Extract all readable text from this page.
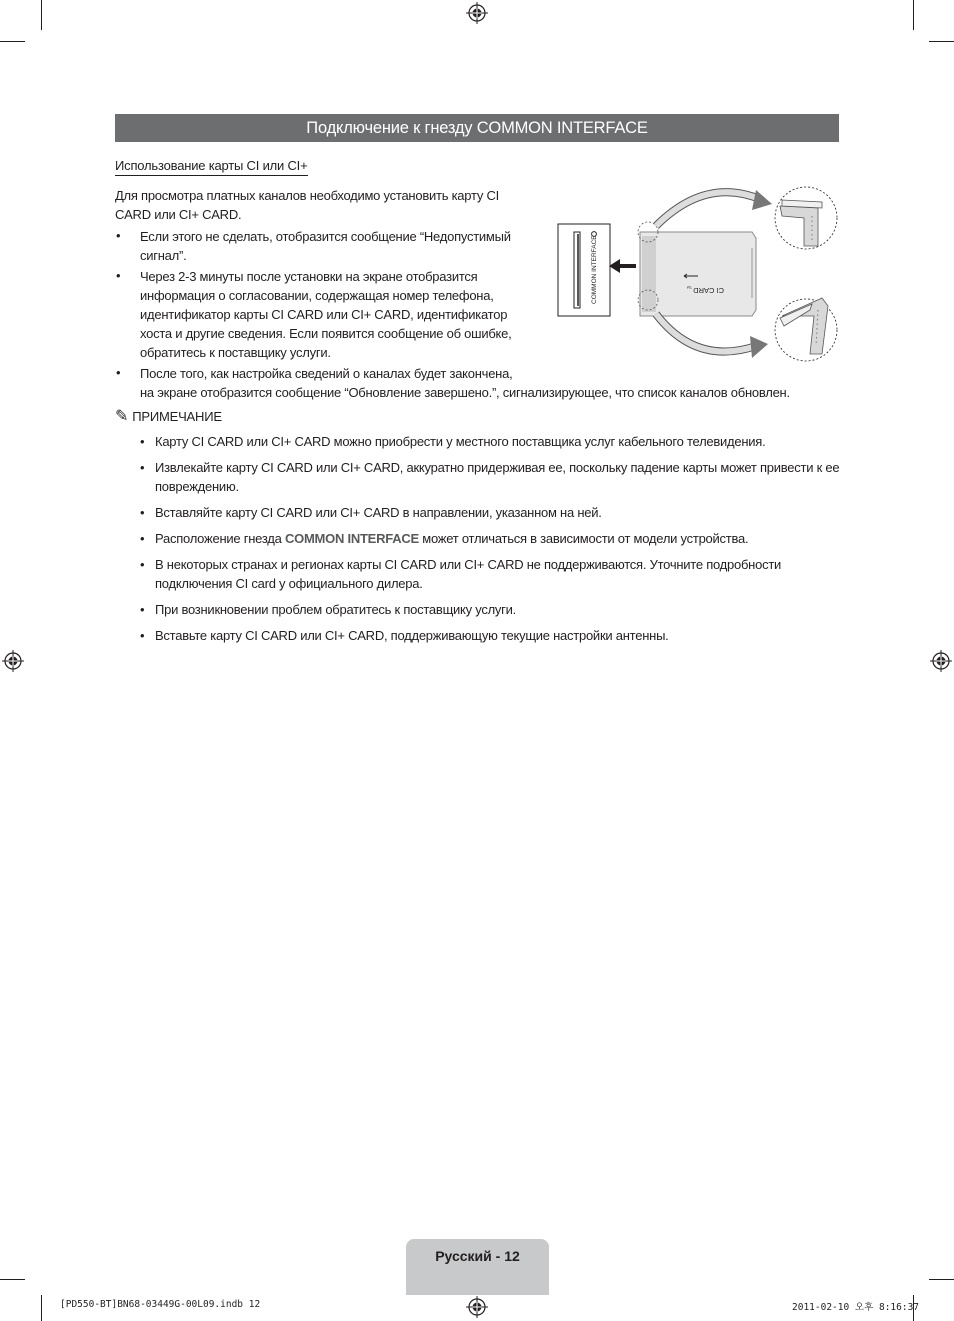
Подключение к гнезду COMMON INTERFACE
Использование карты CI или CI+
Для просмотра платных каналов необходимо установить карту CI CARD или CI+ CARD.
• Если этого не сделать, отобразится сообщение “Недопустимый
сигнал”.
• Через 2-3 минуты после установки на экране отобразится
информация о согласовании, содержащая номер телефона,
идентификатор карты CI CARD или CI+ CARD, идентификатор
хоста и другие сведения. Если появится сообщение об ошибке,
обратитесь к поставщику услуги.
• После того, как настройка сведений о каналах будет закончена,
на экране отобразится сообщение “Обновление завершено.”, сигнализирующее, что список каналов обновлен.
COMMON INTERFACE	CI CARD
TM
✎ ПРИМЕЧАНИЕ
• Карту CI CARD или CI+ CARD можно приобрести у местного поставщика услуг кабельного телевидения.
• Извлекайте карту CI CARD или CI+ CARD, аккуратно придерживая ее, поскольку падение карты может привести к ее повреждению.
• Вставляйте карту CI CARD или CI+ CARD в направлении, указанном на ней.
• Расположение гнезда COMMON INTERFACE может отличаться в зависимости от модели устройства.
• В некоторых странах и регионах карты CI CARD или CI+ CARD не поддерживаются. Уточните подробности подключения CI card у официального дилера.
• При возникновении проблем обратитесь к поставщику услуги.
• Вставьте карту CI CARD или CI+ CARD, поддерживающую текущие настройки антенны.
Русский - 12
[PD550-BT]BN68-03449G-00L09.indb 12	2011-02-10 오후 8:16:37
